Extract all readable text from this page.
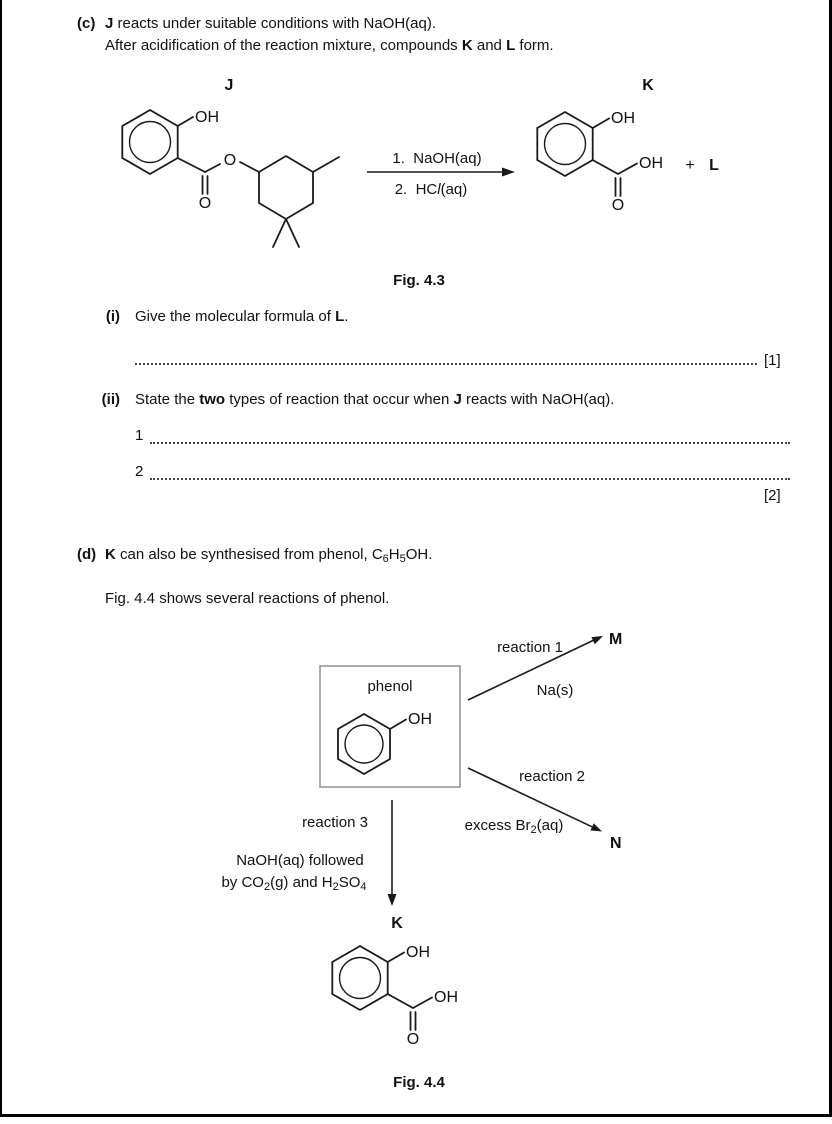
(c) J reacts under suitable conditions with NaOH(aq).
After acidification of the reaction mixture, compounds K and L form.
J
OH
O
O	1.  NaOH(aq)
2.  HCl(aq)
K
OH
OH
O
+ L
Fig. 4.3
(i) Give the molecular formula of L.
[1]
(ii) State the two types of reaction that occur when J reacts with NaOH(aq).
1
2
[2]
(d) K can also be synthesised from phenol, $C_6H_5OH$.
Fig. 4.4 shows several reactions of phenol.
phenol
OH
reaction 1
Na(s)
M
reaction 2
excess $Br_2(aq)$
N
reaction 3
NaOH(aq) followed
by $CO_2(g)$ and $H_2SO_4$
K
OH
OH
O
Fig. 4.4
